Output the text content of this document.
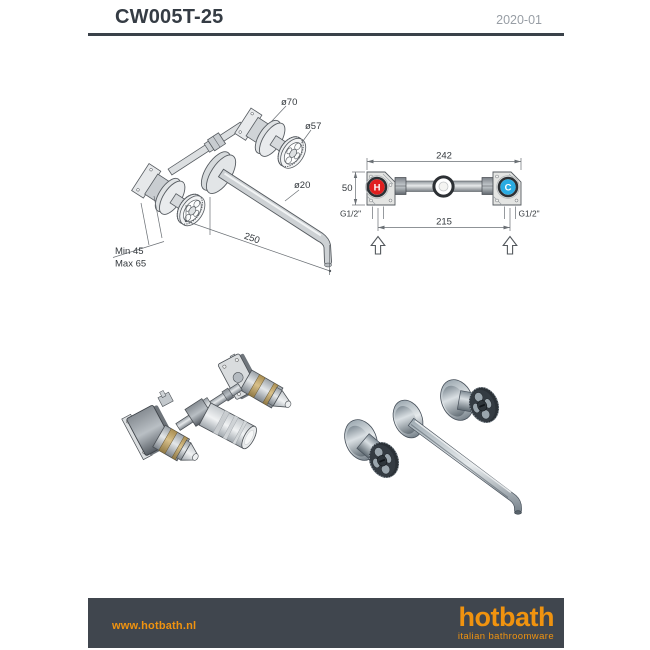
CW005T-25	2020-01
ø70
ø57
ø20
250
Min 45
Max 65
H	C
242
50
G1/2"	G1/2"
215
www.hotbath.nl	hotbath
italian bathroomware
